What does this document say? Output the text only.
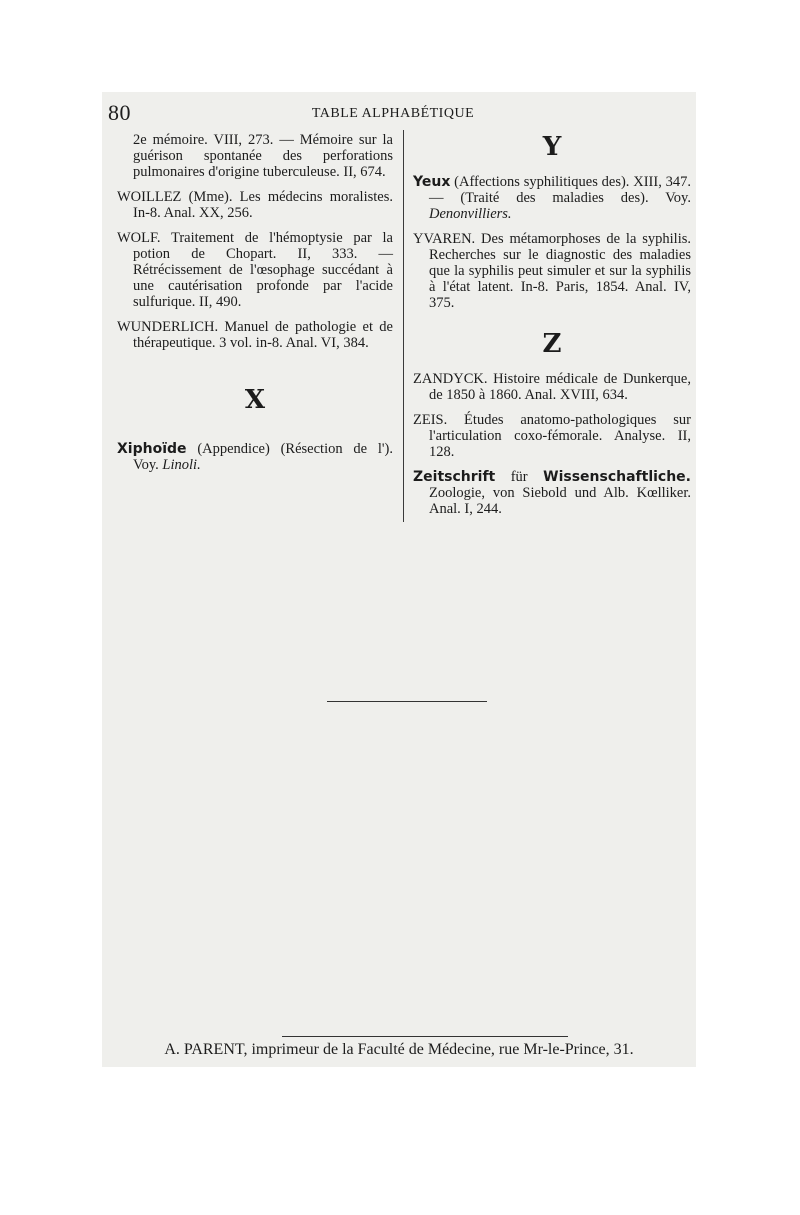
80	TABLE ALPHABÉTIQUE

2e mémoire. VIII, 273. — Mémoire sur la guérison spontanée des perforations pulmonaires d'origine tuberculeuse. II, 674.

WOILLEZ (Mme). Les médecins moralistes. In-8. Anal. XX, 256.

WOLF. Traitement de l'hémoptysie par la potion de Chopart. II, 333. — Rétrécissement de l'œsophage succédant à une cautérisation profonde par l'acide sulfurique. II, 490.

WUNDERLICH. Manuel de pathologie et de thérapeutique. 3 vol. in-8. Anal. VI, 384.

X

Xiphoïde (Appendice) (Résection de l'). Voy. Linoli.

Y

Yeux (Affections syphilitiques des). XIII, 347. — (Traité des maladies des). Voy. Denonvilliers.

YVAREN. Des métamorphoses de la syphilis. Recherches sur le diagnostic des maladies que la syphilis peut simuler et sur la syphilis à l'état latent. In-8. Paris, 1854. Anal. IV, 375.

Z

ZANDYCK. Histoire médicale de Dunkerque, de 1850 à 1860. Anal. XVIII, 634.

ZEIS. Études anatomo-pathologiques sur l'articulation coxo-fémorale. Analyse. II, 128.

Zeitschrift für Wissenschaftliche. Zoologie, von Siebold und Alb. Kœlliker. Anal. I, 244.

A. PARENT, imprimeur de la Faculté de Médecine, rue Mr-le-Prince, 31.
